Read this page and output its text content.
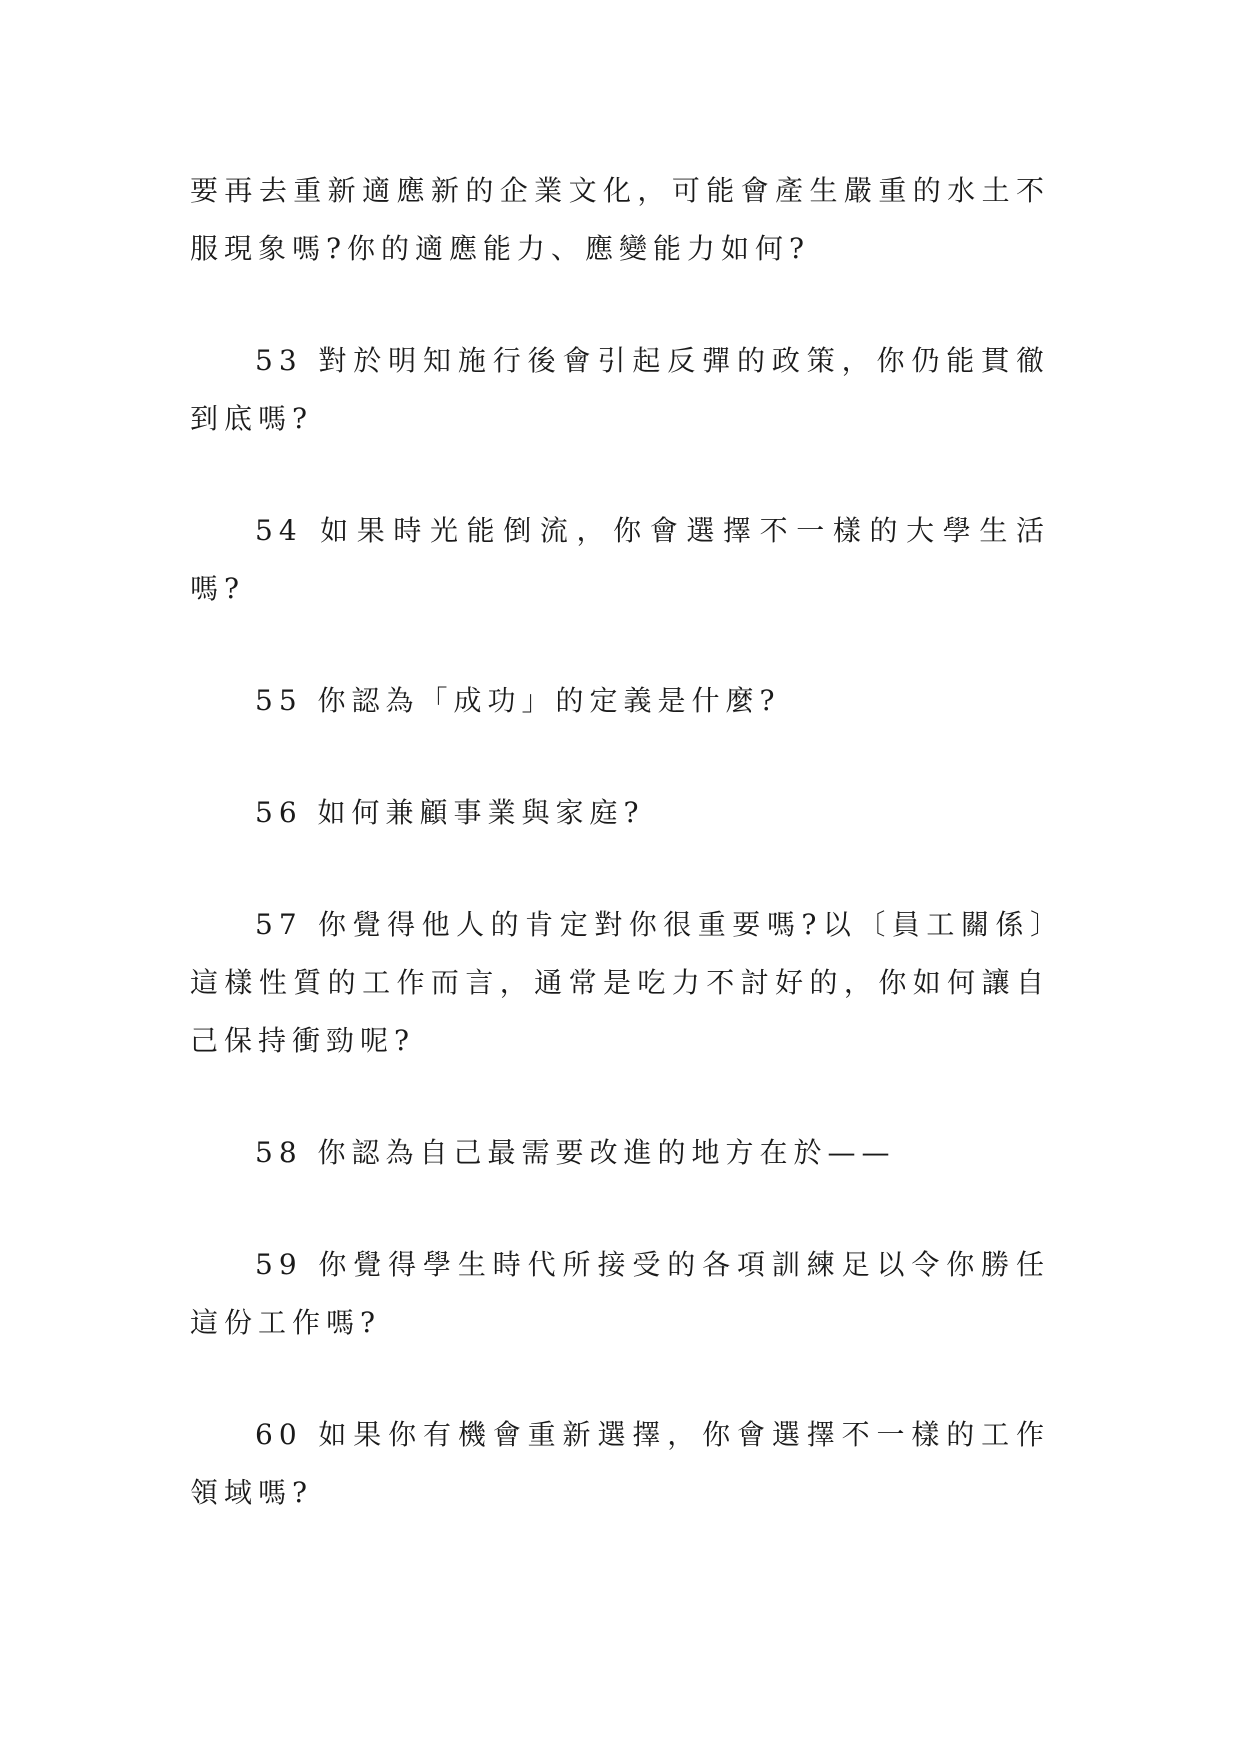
要再去重新適應新的企業文化，可能會產生嚴重的水土不服現象嗎?你的適應能力、應變能力如何?

53 對於明知施行後會引起反彈的政策，你仍能貫徹到底嗎?

54 如果時光能倒流，你會選擇不一樣的大學生活嗎?

55 你認為「成功」的定義是什麼?

56 如何兼顧事業與家庭?

57 你覺得他人的肯定對你很重要嗎?以〔員工關係〕這樣性質的工作而言，通常是吃力不討好的，你如何讓自己保持衝勁呢?

58 你認為自己最需要改進的地方在於——

59 你覺得學生時代所接受的各項訓練足以令你勝任這份工作嗎?

60 如果你有機會重新選擇，你會選擇不一樣的工作領域嗎?
